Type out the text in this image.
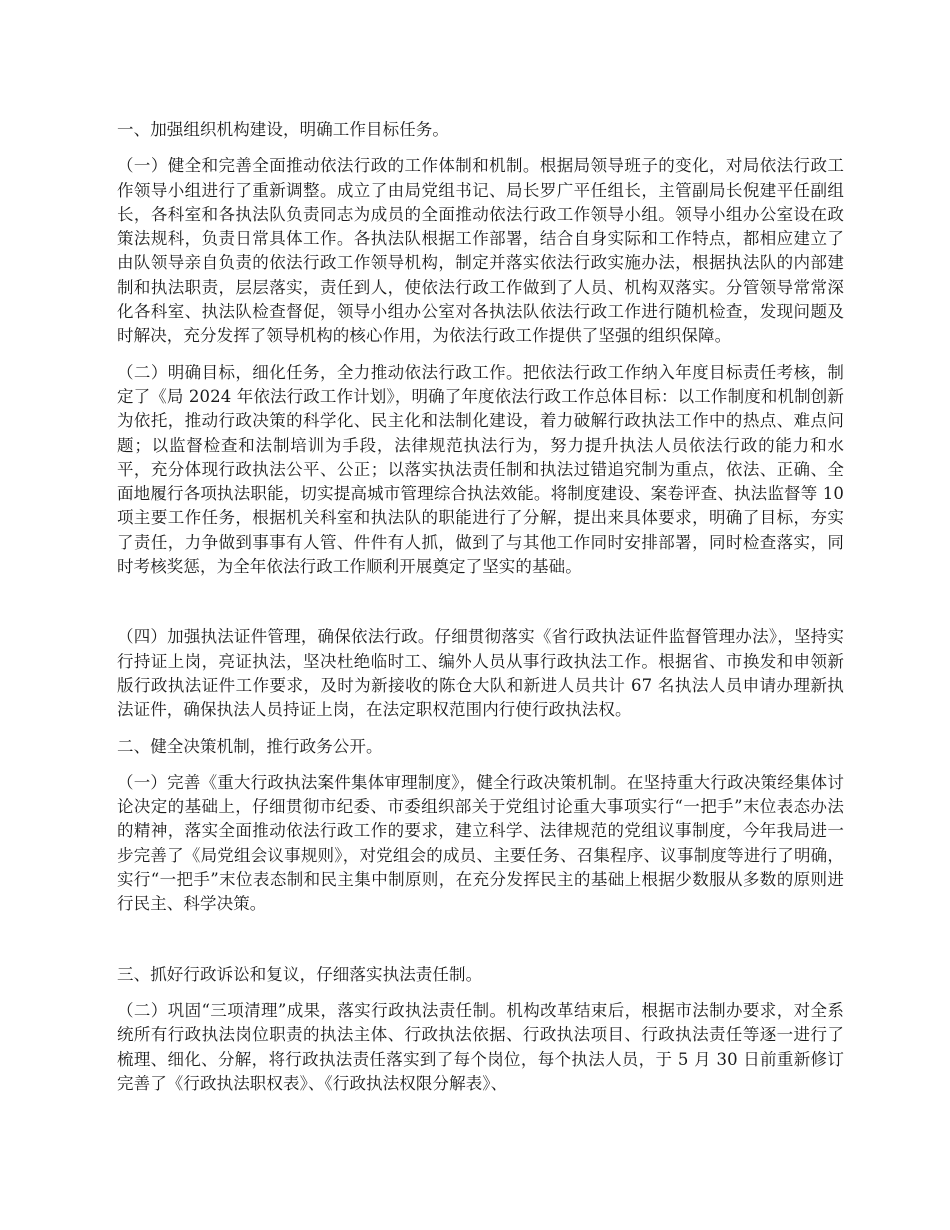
一、加强组织机构建设，明确工作目标任务。

（一）健全和完善全面推动依法行政的工作体制和机制。根据局领导班子的变化，对局依法行政工作领导小组进行了重新调整。成立了由局党组书记、局长罗广平任组长，主管副局长倪建平任副组长，各科室和各执法队负责同志为成员的全面推动依法行政工作领导小组。领导小组办公室设在政策法规科，负责日常具体工作。各执法队根据工作部署，结合自身实际和工作特点，都相应建立了由队领导亲自负责的依法行政工作领导机构，制定并落实依法行政实施办法，根据执法队的内部建制和执法职责，层层落实，责任到人，使依法行政工作做到了人员、机构双落实。分管领导常常深化各科室、执法队检查督促，领导小组办公室对各执法队依法行政工作进行随机检查，发现问题及时解决，充分发挥了领导机构的核心作用，为依法行政工作提供了坚强的组织保障。

（二）明确目标，细化任务，全力推动依法行政工作。把依法行政工作纳入年度目标责任考核，制定了《局 2024 年依法行政工作计划》，明确了年度依法行政工作总体目标：以工作制度和机制创新为依托，推动行政决策的科学化、民主化和法制化建设，着力破解行政执法工作中的热点、难点问题；以监督检查和法制培训为手段，法律规范执法行为，努力提升执法人员依法行政的能力和水平，充分体现行政执法公平、公正；以落实执法责任制和执法过错追究制为重点，依法、正确、全面地履行各项执法职能，切实提高城市管理综合执法效能。将制度建设、案卷评查、执法监督等 10 项主要工作任务，根据机关科室和执法队的职能进行了分解，提出来具体要求，明确了目标，夯实了责任，力争做到事事有人管、件件有人抓，做到了与其他工作同时安排部署，同时检查落实，同时考核奖惩，为全年依法行政工作顺利开展奠定了坚实的基础。

（四）加强执法证件管理，确保依法行政。仔细贯彻落实《省行政执法证件监督管理办法》，坚持实行持证上岗，亮证执法，坚决杜绝临时工、编外人员从事行政执法工作。根据省、市换发和申领新版行政执法证件工作要求，及时为新接收的陈仓大队和新进人员共计 67 名执法人员申请办理新执法证件，确保执法人员持证上岗，在法定职权范围内行使行政执法权。

二、健全决策机制，推行政务公开。

（一）完善《重大行政执法案件集体审理制度》，健全行政决策机制。在坚持重大行政决策经集体讨论决定的基础上，仔细贯彻市纪委、市委组织部关于党组讨论重大事项实行“一把手”末位表态办法的精神，落实全面推动依法行政工作的要求，建立科学、法律规范的党组议事制度，今年我局进一步完善了《局党组会议事规则》，对党组会的成员、主要任务、召集程序、议事制度等进行了明确，实行“一把手”末位表态制和民主集中制原则，在充分发挥民主的基础上根据少数服从多数的原则进行民主、科学决策。

三、抓好行政诉讼和复议，仔细落实执法责任制。

（二）巩固“三项清理”成果，落实行政执法责任制。机构改革结束后，根据市法制办要求，对全系统所有行政执法岗位职责的执法主体、行政执法依据、行政执法项目、行政执法责任等逐一进行了梳理、细化、分解，将行政执法责任落实到了每个岗位，每个执法人员，于 5 月 30 日前重新修订完善了《行政执法职权表》、《行政执法权限分解表》、
